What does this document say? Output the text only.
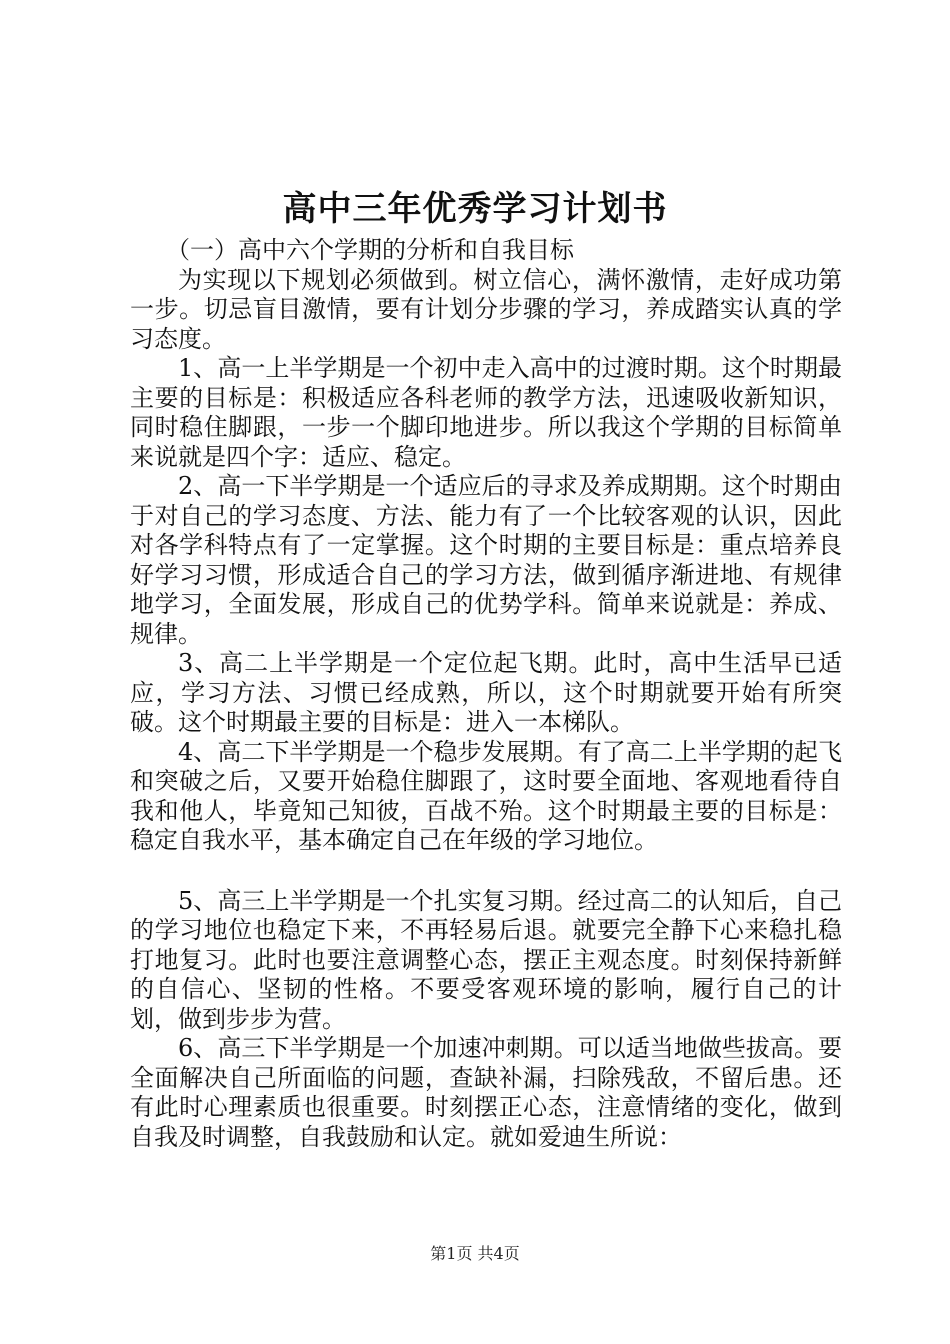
高中三年优秀学习计划书

（一）高中六个学期的分析和自我目标

为实现以下规划必须做到。树立信心，满怀激情，走好成功第一步。切忌盲目激情，要有计划分步骤的学习，养成踏实认真的学习态度。

1、高一上半学期是一个初中走入高中的过渡时期。这个时期最主要的目标是：积极适应各科老师的教学方法，迅速吸收新知识，同时稳住脚跟，一步一个脚印地进步。所以我这个学期的目标简单来说就是四个字：适应、稳定。

2、高一下半学期是一个适应后的寻求及养成期期。这个时期由于对自己的学习态度、方法、能力有了一个比较客观的认识，因此对各学科特点有了一定掌握。这个时期的主要目标是：重点培养良好学习习惯，形成适合自己的学习方法，做到循序渐进地、有规律地学习，全面发展，形成自己的优势学科。简单来说就是：养成、规律。

3、高二上半学期是一个定位起飞期。此时，高中生活早已适应，学习方法、习惯已经成熟，所以，这个时期就要开始有所突破。这个时期最主要的目标是：进入一本梯队。

4、高二下半学期是一个稳步发展期。有了高二上半学期的起飞和突破之后，又要开始稳住脚跟了，这时要全面地、客观地看待自我和他人，毕竟知己知彼，百战不殆。这个时期最主要的目标是：稳定自我水平，基本确定自己在年级的学习地位。

5、高三上半学期是一个扎实复习期。经过高二的认知后，自己的学习地位也稳定下来，不再轻易后退。就要完全静下心来稳扎稳打地复习。此时也要注意调整心态，摆正主观态度。时刻保持新鲜的自信心、坚韧的性格。不要受客观环境的影响，履行自己的计划，做到步步为营。

6、高三下半学期是一个加速冲刺期。可以适当地做些拔高。要全面解决自己所面临的问题，查缺补漏，扫除残敌，不留后患。还有此时心理素质也很重要。时刻摆正心态，注意情绪的变化，做到自我及时调整，自我鼓励和认定。就如爱迪生所说：

第1页 共4页
